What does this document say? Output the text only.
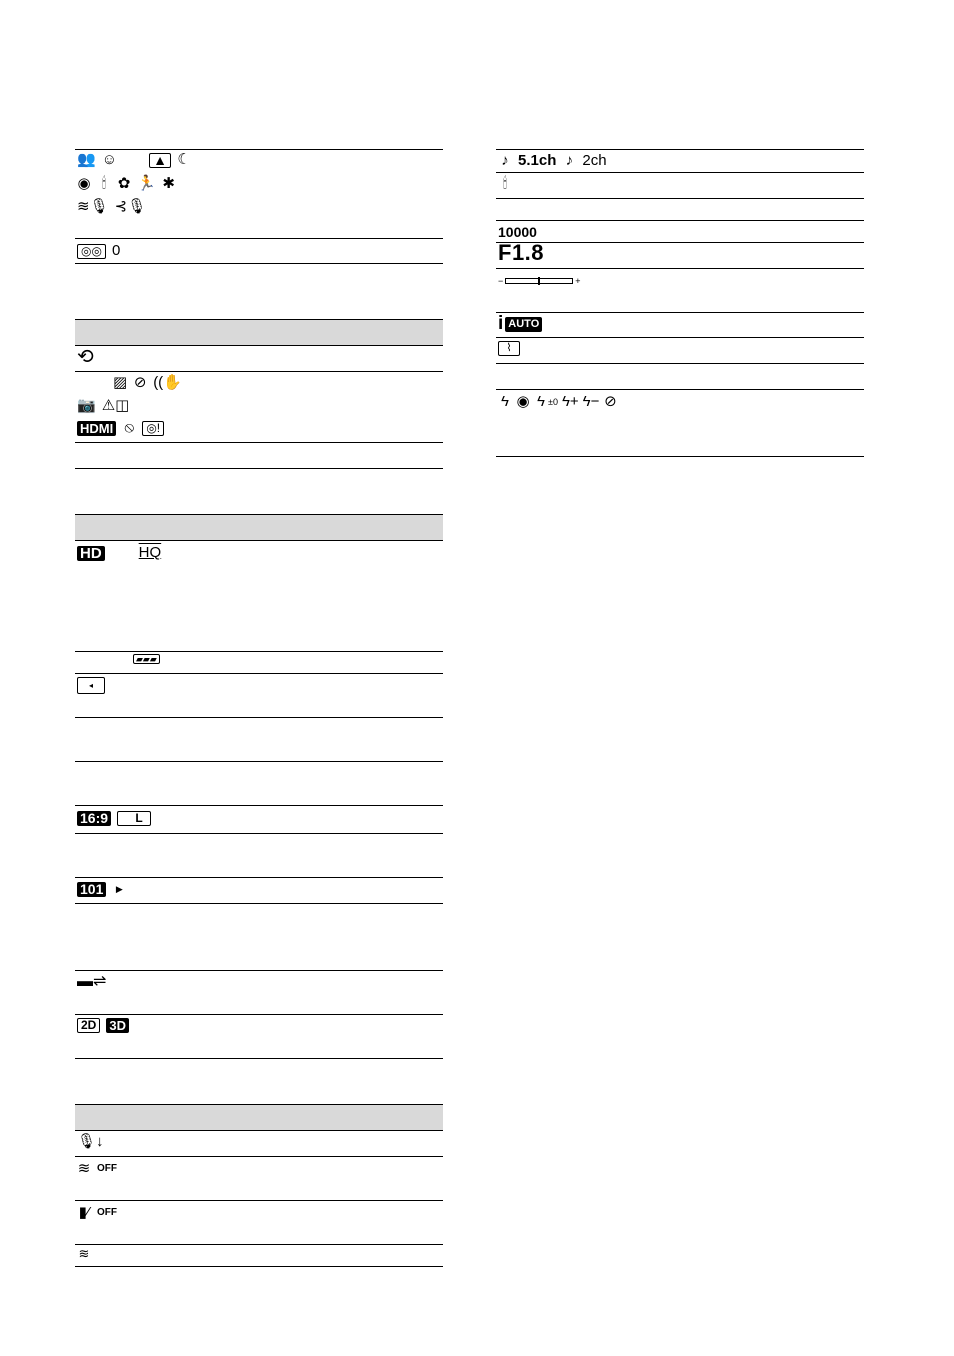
👥 ☺	▲ ☾
◉ 🕯 ✿ 🏃 ✱
≋🎙 ⊰🎙
◎◎ 0
⟲
▨ ⊘ ((✋
📷 ⚠◫
HDMI ⦸	◎!
HD HQ
▰▰▰
◂
16:9	L
101	▶
▬⇌
2D	3D
🎙↓
≋ OFF
▮⁄ OFF
≋
♪ 5.1ch ♪ 2ch
🕯
10000
F1.8
−	+
i AUTO
⌇
ϟ ◉ ϟ ±0 ϟ+ ϟ− ⊘
